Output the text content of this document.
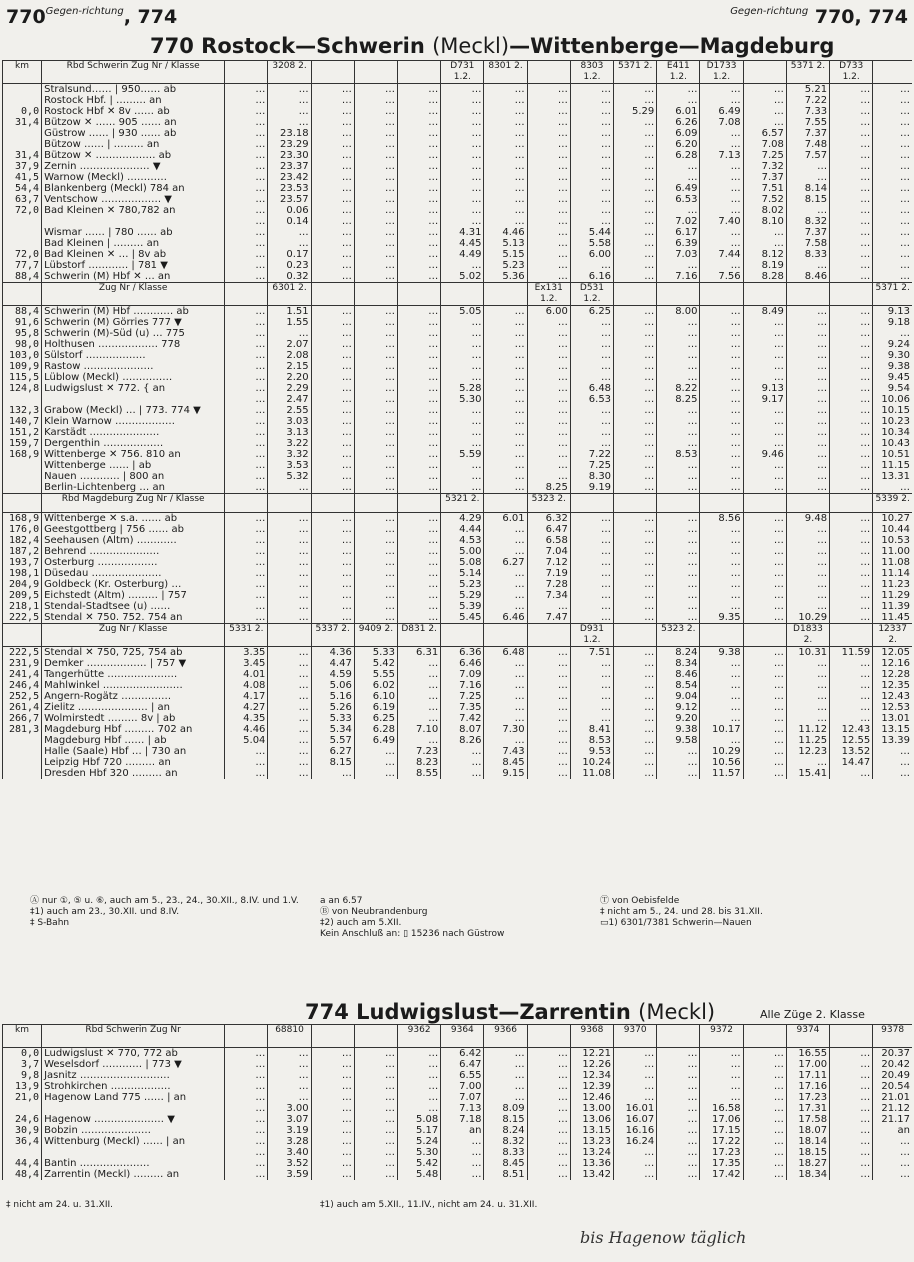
$770^{Gegen-richtung}$, 774	$^{Gegen-richtung}$ 770, 774
770 Rostock—Schwerin (Meckl)—Wittenberge—Magdeburg
km	Rbd Schwerin Zug Nr / Klasse		3208 2.				D731 1.2.	8301 2.		8303 1.2.	5371 2.	E411 1.2.	D1733 1.2.		5371 2.	D733 1.2.	
	Stralsund…… | 950…… ab	…	…	…	…	…	…	…	…	…	…	…	…	…	5.21	…	…
	Rostock Hbf. | ……… an	…	…	…	…	…	…	…	…	…	…	…	…	…	7.22	…	…
0,0	Rostock Hbf ✕ 8v …… ab	…	…	…	…	…	…	…	…	…	5.29	6.01	6.49	…	7.33	…	…
31,4	Bützow ✕ …… 905 …… an	…	…	…	…	…	…	…	…	…	…	6.26	7.08	…	7.55	…	…
	Güstrow …… | 930 …… ab	…	23.18	…	…	…	…	…	…	…	…	6.09	…	6.57	7.37	…	…
	Bützow …… | ……… an	…	23.29	…	…	…	…	…	…	…	…	6.20	…	7.08	7.48	…	…
31,4	Bützow ✕ ……………… ab	…	23.30	…	…	…	…	…	…	…	…	6.28	7.13	7.25	7.57	…	…
37,9	Zernin ………………… ▼	…	23.37	…	…	…	…	…	…	…	…	…	…	7.32	…	…	…
41,5	Warnow (Meckl) …………	…	23.42	…	…	…	…	…	…	…	…	…	…	7.37	…	…	…
54,4	Blankenberg (Meckl) 784 an	…	23.53	…	…	…	…	…	…	…	…	6.49	…	7.51	8.14	…	…
63,7	Ventschow ……………… ▼	…	23.57	…	…	…	…	…	…	…	…	6.53	…	7.52	8.15	…	…
72,0	Bad Kleinen ✕ 780,782 an	…	0.06	…	…	…	…	…	…	…	…	…	…	8.02	…	…	…
		…	0.14	…	…	…	…	…	…	…	…	7.02	7.40	8.10	8.32	…	…
	Wismar …… | 780 …… ab	…	…	…	…	…	4.31	4.46	…	5.44	…	6.17	…	…	7.37	…	…
	Bad Kleinen | ……… an	…	…	…	…	…	4.45	5.13	…	5.58	…	6.39	…	…	7.58	…	…
72,0	Bad Kleinen ✕ … | 8v ab	…	0.17	…	…	…	4.49	5.15	…	6.00	…	7.03	7.44	8.12	8.33	…	…
77,7	Lübstorf ………… | 781 ▼	…	0.23	…	…	…	…	5.23	…	…	…	…	…	8.19	…	…	…
88,4	Schwerin (M) Hbf ✕ … an	…	0.32	…	…	…	5.02	5.36	…	6.16	…	7.16	7.56	8.28	8.46	…	…
	Zug Nr / Klasse		6301 2.						Ex131 1.2.	D531 1.2.							5371 2.
88,4	Schwerin (M) Hbf ………… ab	…	1.51	…	…	…	5.05	…	6.00	6.25	…	8.00	…	8.49	…	…	9.13
91,6	Schwerin (M) Görries 777 ▼	…	1.55	…	…	…	…	…	…	…	…	…	…	…	…	…	9.18
95,8	Schwerin (M)-Süd (u) … 775	…	…	…	…	…	…	…	…	…	…	…	…	…	…	…	…
98,0	Holthusen ……………… 778	…	2.07	…	…	…	…	…	…	…	…	…	…	…	…	…	9.24
103,0	Sülstorf ………………	…	2.08	…	…	…	…	…	…	…	…	…	…	…	…	…	9.30
109,9	Rastow …………………	…	2.15	…	…	…	…	…	…	…	…	…	…	…	…	…	9.38
115,5	Lüblow (Meckl) ……………	…	2.20	…	…	…	…	…	…	…	…	…	…	…	…	…	9.45
124,8	Ludwigslust ✕ 772. { an	…	2.29	…	…	…	5.28	…	…	6.48	…	8.22	…	9.13	…	…	9.54
		…	2.47	…	…	…	5.30	…	…	6.53	…	8.25	…	9.17	…	…	10.06
132,3	Grabow (Meckl) … | 773. 774 ▼	…	2.55	…	…	…	…	…	…	…	…	…	…	…	…	…	10.15
140,7	Klein Warnow ………………	…	3.03	…	…	…	…	…	…	…	…	…	…	…	…	…	10.23
151,2	Karstädt …………………	…	3.13	…	…	…	…	…	…	…	…	…	…	…	…	…	10.34
159,7	Dergenthin ………………	…	3.22	…	…	…	…	…	…	…	…	…	…	…	…	…	10.43
168,9	Wittenberge ✕ 756. 810 an	…	3.32	…	…	…	5.59	…	…	7.22	…	8.53	…	9.46	…	…	10.51
	Wittenberge …… | ab	…	3.53	…	…	…	…	…	…	7.25	…	…	…	…	…	…	11.15
	Nauen ………… | 800 an	…	5.32	…	…	…	…	…	…	8.30	…	…	…	…	…	…	13.31
	Berlin-Lichtenberg … an	…	…	…	…	…	…	…	8.25	9.19	…	…	…	…	…	…	…
	Rbd Magdeburg Zug Nr / Klasse						5321 2.		5323 2.								5339 2.
168,9	Wittenberge ✕ s.a. …… ab	…	…	…	…	…	4.29	6.01	6.32	…	…	…	8.56	…	9.48	…	10.27
176,0	Geestgottberg | 756 …… ab	…	…	…	…	…	4.44	…	6.47	…	…	…	…	…	…	…	10.44
182,4	Seehausen (Altm) …………	…	…	…	…	…	4.53	…	6.58	…	…	…	…	…	…	…	10.53
187,2	Behrend …………………	…	…	…	…	…	5.00	…	7.04	…	…	…	…	…	…	…	11.00
193,7	Osterburg ………………	…	…	…	…	…	5.08	6.27	7.12	…	…	…	…	…	…	…	11.08
198,1	Düsedau …………………	…	…	…	…	…	5.14	…	7.19	…	…	…	…	…	…	…	11.14
204,9	Goldbeck (Kr. Osterburg) …	…	…	…	…	…	5.23	…	7.28	…	…	…	…	…	…	…	11.23
209,5	Eichstedt (Altm) ……… | 757	…	…	…	…	…	5.29	…	7.34	…	…	…	…	…	…	…	11.29
218,1	Stendal-Stadtsee (u) ……	…	…	…	…	…	5.39	…	…	…	…	…	…	…	…	…	11.39
222,5	Stendal ✕ 750. 752. 754 an	…	…	…	…	…	5.45	6.46	7.47	…	…	…	9.35	…	10.29	…	11.45
	Zug Nr / Klasse	5331 2.		5337 2.	9409 2.	D831 2.				D931 1.2.		5323 2.			D1833 2.		12337 2.
222,5	Stendal ✕ 750, 725, 754 ab	3.35	…	4.36	5.33	6.31	6.36	6.48	…	7.51	…	8.24	9.38	…	10.31	11.59	12.05
231,9	Demker ……………… | 757 ▼	3.45	…	4.47	5.42	…	6.46	…	…	…	…	8.34	…	…	…	…	12.16
241,4	Tangerhütte …………………	4.01	…	4.59	5.55	…	7.09	…	…	…	…	8.46	…	…	…	…	12.28
246,4	Mahlwinkel ……………………	4.08	…	5.06	6.02	…	7.16	…	…	…	…	8.54	…	…	…	…	12.35
252,5	Angern-Rogätz ……………	4.17	…	5.16	6.10	…	7.25	…	…	…	…	9.04	…	…	…	…	12.43
261,4	Zielitz ………………… | an	4.27	…	5.26	6.19	…	7.35	…	…	…	…	9.12	…	…	…	…	12.53
266,7	Wolmirstedt ……… 8v | ab	4.35	…	5.33	6.25	…	7.42	…	…	…	…	9.20	…	…	…	…	13.01
281,3	Magdeburg Hbf ……… 702 an	4.46	…	5.34	6.28	7.10	8.07	7.30	…	8.41	…	9.38	10.17	…	11.12	12.43	13.15
	Magdeburg Hbf …… | ab	5.04	…	5.57	6.49	…	8.26	…	…	8.53	…	9.58	…	…	11.25	12.55	13.39
	Halle (Saale) Hbf … | 730 an	…	…	6.27	…	7.23	…	7.43	…	9.53	…	…	10.29	…	12.23	13.52	…
	Leipzig Hbf 720 ……… an	…	…	8.15	…	8.23	…	8.45	…	10.24	…	…	10.56	…	…	14.47	…
	Dresden Hbf 320 ……… an	…	…	…	…	8.55	…	9.15	…	11.08	…	…	11.57	…	15.41	…	…
Ⓐ nur ①, ⑤ u. ⑥, auch am 5., 23., 24., 30.XII., 8.IV. und 1.V.
‡1) auch am 23., 30.XII. und 8.IV.
‡ S-Bahn
a an 6.57
Ⓑ von Neubrandenburg
‡2) auch am 5.XII.
Kein Anschluß an: ▯ 15236 nach Güstrow
Ⓣ von Oebisfelde
‡ nicht am 5., 24. und 28. bis 31.XII.
▭1) 6301/7381 Schwerin—Nauen
774 Ludwigslust—Zarrentin (Meckl)	Alle Züge 2. Klasse
km	Rbd Schwerin Zug Nr		68810			9362	9364	9366		9368	9370		9372		9374		9378
0,0	Ludwigslust ✕ 770, 772 ab	…	…	…	…	…	6.42	…	…	12.21	…	…	…	…	16.55	…	20.37
3,7	Weselsdorf ………… | 773 ▼	…	…	…	…	…	6.47	…	…	12.26	…	…	…	…	17.00	…	20.42
9,8	Jasnitz ………………………	…	…	…	…	…	6.55	…	…	12.34	…	…	…	…	17.11	…	20.49
13,9	Strohkirchen ………………	…	…	…	…	…	7.00	…	…	12.39	…	…	…	…	17.16	…	20.54
21,0	Hagenow Land 775 …… | an	…	…	…	…	…	7.07	…	…	12.46	…	…	…	…	17.23	…	21.01
		…	3.00	…	…	…	7.13	8.09	…	13.00	16.01	…	16.58	…	17.31	…	21.12
24,6	Hagenow ………………… ▼	…	3.07	…	…	5.08	7.18	8.15	…	13.06	16.07	…	17.06	…	17.58	…	21.17
30,9	Bobzin …………………	…	3.19	…	…	5.17	an	8.24	…	13.15	16.16	…	17.15	…	18.07	…	an
36,4	Wittenburg (Meckl) …… | an	…	3.28	…	…	5.24	…	8.32	…	13.23	16.24	…	17.22	…	18.14	…	…
		…	3.40	…	…	5.30	…	8.33	…	13.24	…	…	17.23	…	18.15	…	…
44,4	Bantin …………………	…	3.52	…	…	5.42	…	8.45	…	13.36	…	…	17.35	…	18.27	…	…
48,4	Zarrentin (Meckl) ……… an	…	3.59	…	…	5.48	…	8.51	…	13.42	…	…	17.42	…	18.34	…	…
‡ nicht am 24. u. 31.XII.	‡1) auch am 5.XII., 11.IV., nicht am 24. u. 31.XII.
bis Hagenow täglich
